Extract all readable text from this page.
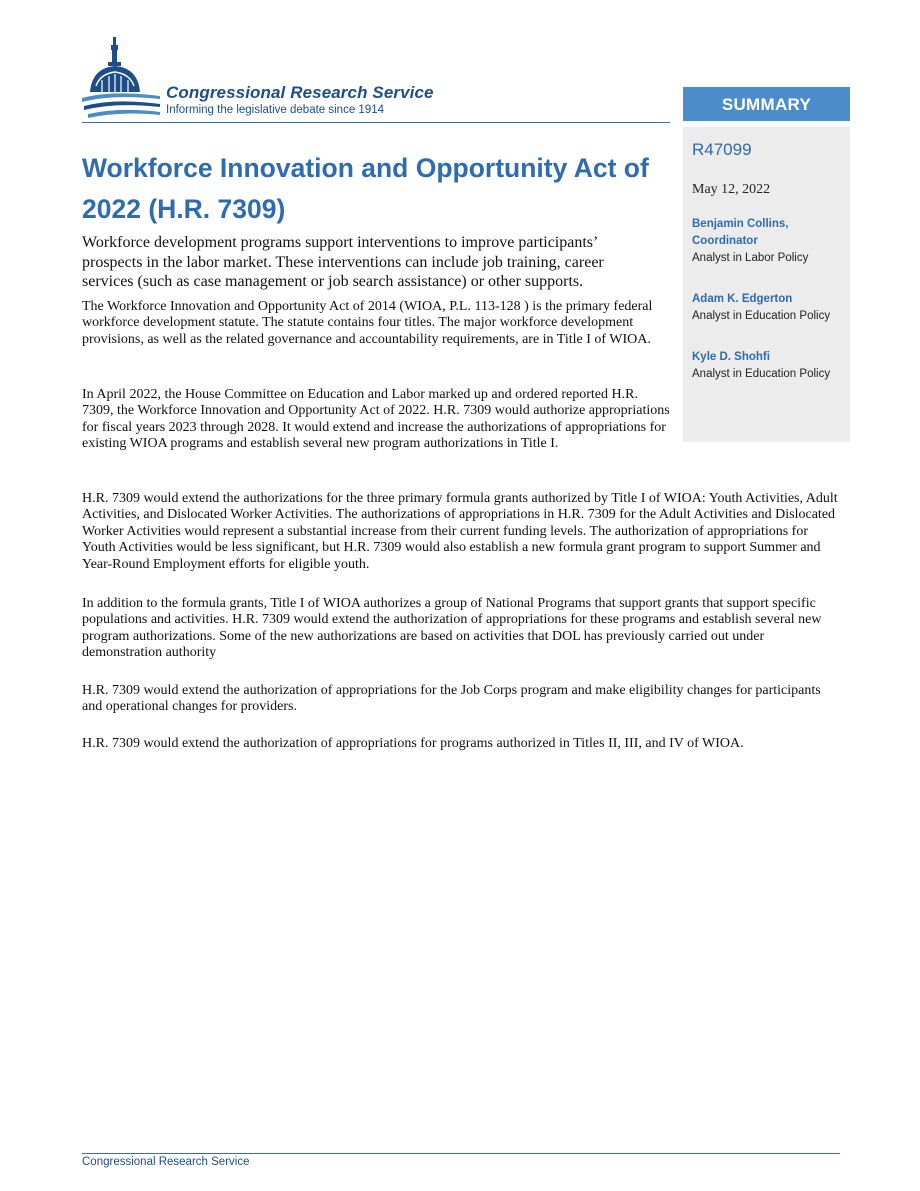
Congressional Research Service
Informing the legislative debate since 1914	SUMMARY
R47099
May 12, 2022
Benjamin Collins,
Coordinator
Analyst in Labor Policy
Adam K. Edgerton
Analyst in Education Policy
Kyle D. Shohfi
Analyst in Education Policy
Workforce Innovation and Opportunity Act of 2022 (H.R. 7309)

Workforce development programs support interventions to improve participants’ prospects in the labor market. These interventions can include job training, career services (such as case management or job search assistance) or other supports.

The Workforce Innovation and Opportunity Act of 2014 (WIOA, P.L. 113-128 ) is the primary federal workforce development statute. The statute contains four titles. The major workforce development provisions, as well as the related governance and accountability requirements, are in Title I of WIOA.

In April 2022, the House Committee on Education and Labor marked up and ordered reported H.R. 7309, the Workforce Innovation and Opportunity Act of 2022. H.R. 7309 would authorize appropriations for fiscal years 2023 through 2028. It would extend and increase the authorizations of appropriations for existing WIOA programs and establish several new program authorizations in Title I.

H.R. 7309 would extend the authorizations for the three primary formula grants authorized by Title I of WIOA: Youth Activities, Adult Activities, and Dislocated Worker Activities. The authorizations of appropriations in H.R. 7309 for the Adult Activities and Dislocated Worker Activities would represent a substantial increase from their current funding levels. The authorization of appropriations for Youth Activities would be less significant, but H.R. 7309 would also establish a new formula grant program to support Summer and Year-Round Employment efforts for eligible youth.

In addition to the formula grants, Title I of WIOA authorizes a group of National Programs that support grants that support specific populations and activities. H.R. 7309 would extend the authorization of appropriations for these programs and establish several new program authorizations. Some of the new authorizations are based on activities that DOL has previously carried out under demonstration authority

H.R. 7309 would extend the authorization of appropriations for the Job Corps program and make eligibility changes for participants and operational changes for providers.

H.R. 7309 would extend the authorization of appropriations for programs authorized in Titles II, III, and IV of WIOA.

Congressional Research Service
